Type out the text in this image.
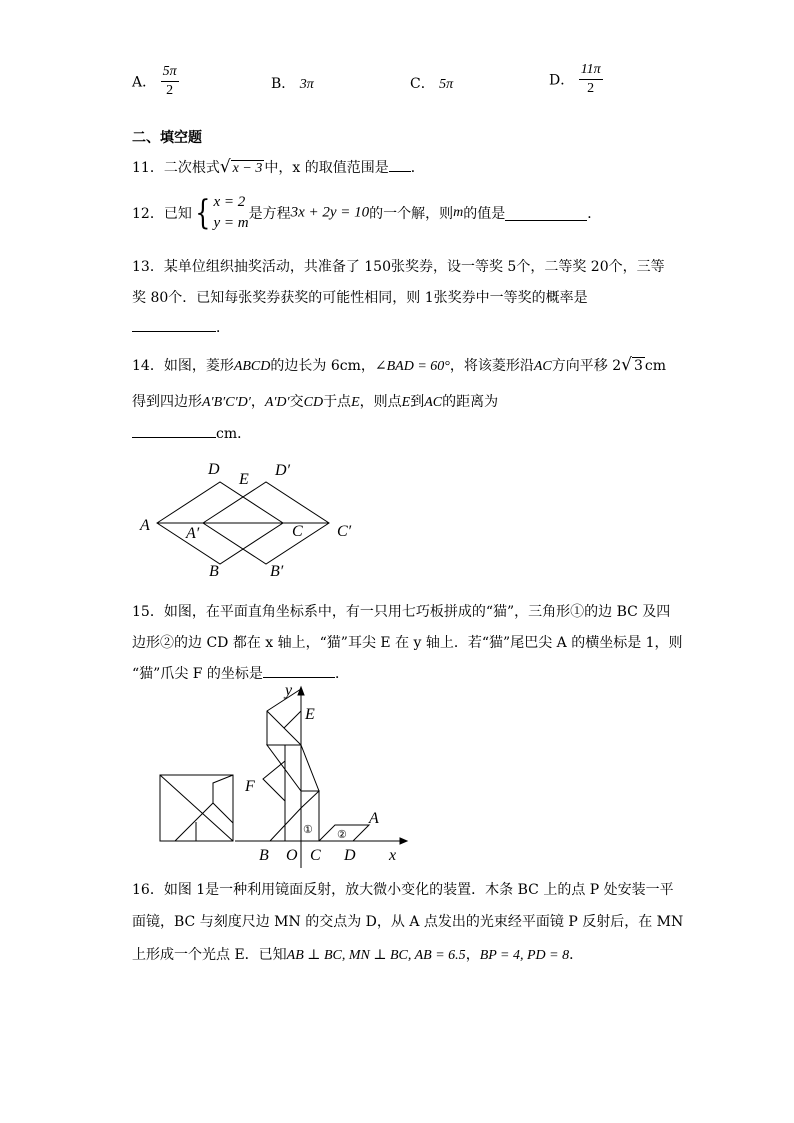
A． $\frac{5\pi}{2}$	B． 3π	C． 5π	D． $\frac{11\pi}{2}$
二、填空题
11．二次根式√ x − 3 中，x 的取值范围是 ．
12．已知{ x = 2
y = m是方程3x + 2y = 10的一个解，则m的值是	．
13．某单位组织抽奖活动，共准备了 150张奖券，设一等奖 5个，二等奖 20个，三等
奖 80个．已知每张奖券获奖的可能性相同，则 1张奖券中一等奖的概率是
．
14．如图，菱形ABCD的边长为 6cm，∠BAD = 60°，将该菱形沿AC方向平移 2√ 3 cm
得到四边形A′B′C′D′，A′D′交CD于点E，则点E到AC的距离为
cm．
D
E
D′
A A′	C C′
B	B′
15．如图，在平面直角坐标系中，有一只用七巧板拼成的“猫”，三角形①的边 BC 及四
边形②的边 CD 都在 x 轴上，“猫”耳尖 E 在 y 轴上．若“猫”尾巴尖 A 的横坐标是 1，则
“猫”爪尖 F 的坐标是	．
y
E
F
A
B O C D x
① ②
16．如图 1是一种利用镜面反射，放大微小变化的装置．木条 BC 上的点 P 处安装一平
面镜，BC 与刻度尺边 MN 的交点为 D，从 A 点发出的光束经平面镜 P 反射后，在 MN
上形成一个光点 E．已知AB ⊥ BC, MN ⊥ BC, AB = 6.5，BP = 4, PD = 8．
